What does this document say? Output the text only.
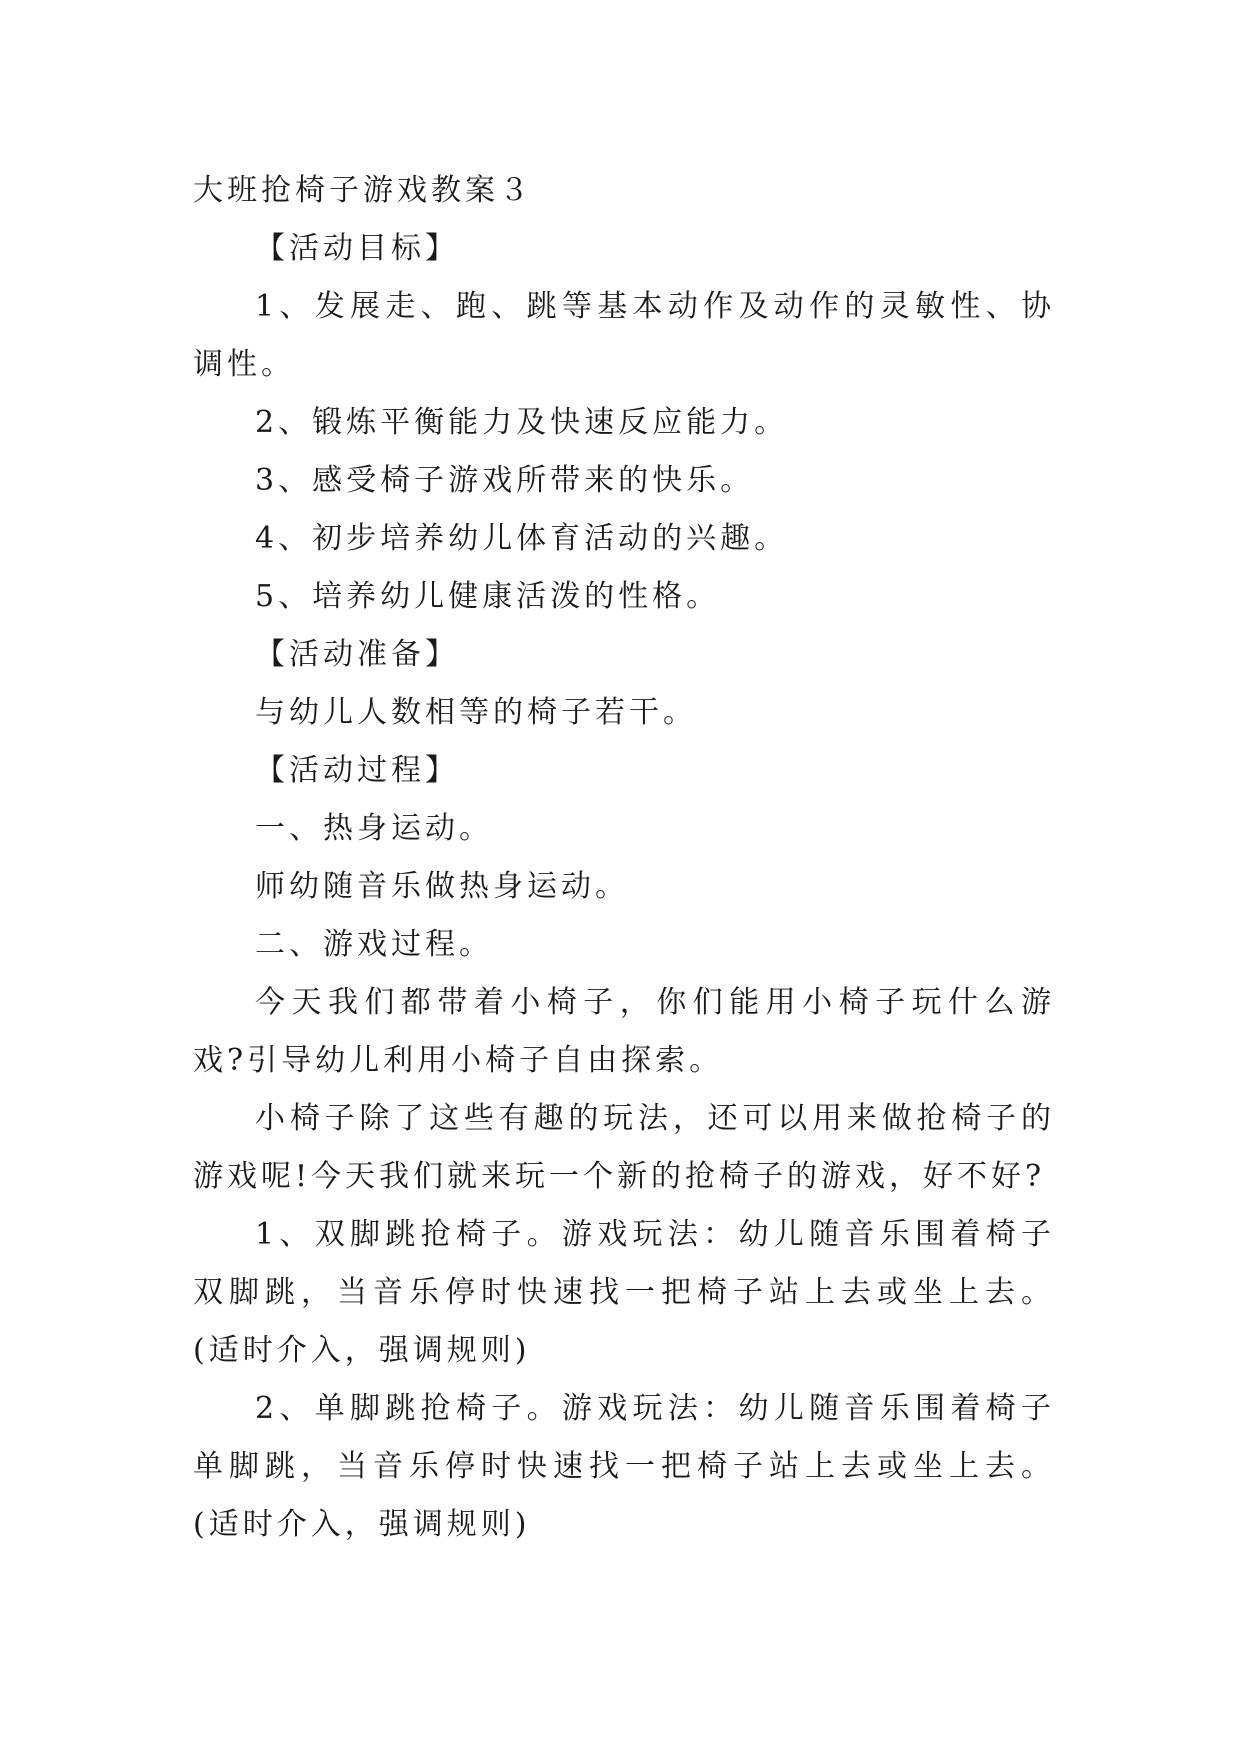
大班抢椅子游戏教案３

【活动目标】

1、发展走、跑、跳等基本动作及动作的灵敏性、协调性。

2、锻炼平衡能力及快速反应能力。

3、感受椅子游戏所带来的快乐。

4、初步培养幼儿体育活动的兴趣。

5、培养幼儿健康活泼的性格。

【活动准备】

与幼儿人数相等的椅子若干。

【活动过程】

一、热身运动。

师幼随音乐做热身运动。

二、游戏过程。

今天我们都带着小椅子，你们能用小椅子玩什么游戏?引导幼儿利用小椅子自由探索。

小椅子除了这些有趣的玩法，还可以用来做抢椅子的游戏呢!今天我们就来玩一个新的抢椅子的游戏，好不好?

1、双脚跳抢椅子。游戏玩法：幼儿随音乐围着椅子双脚跳，当音乐停时快速找一把椅子站上去或坐上去。(适时介入，强调规则)

2、单脚跳抢椅子。游戏玩法：幼儿随音乐围着椅子单脚跳，当音乐停时快速找一把椅子站上去或坐上去。(适时介入，强调规则)
